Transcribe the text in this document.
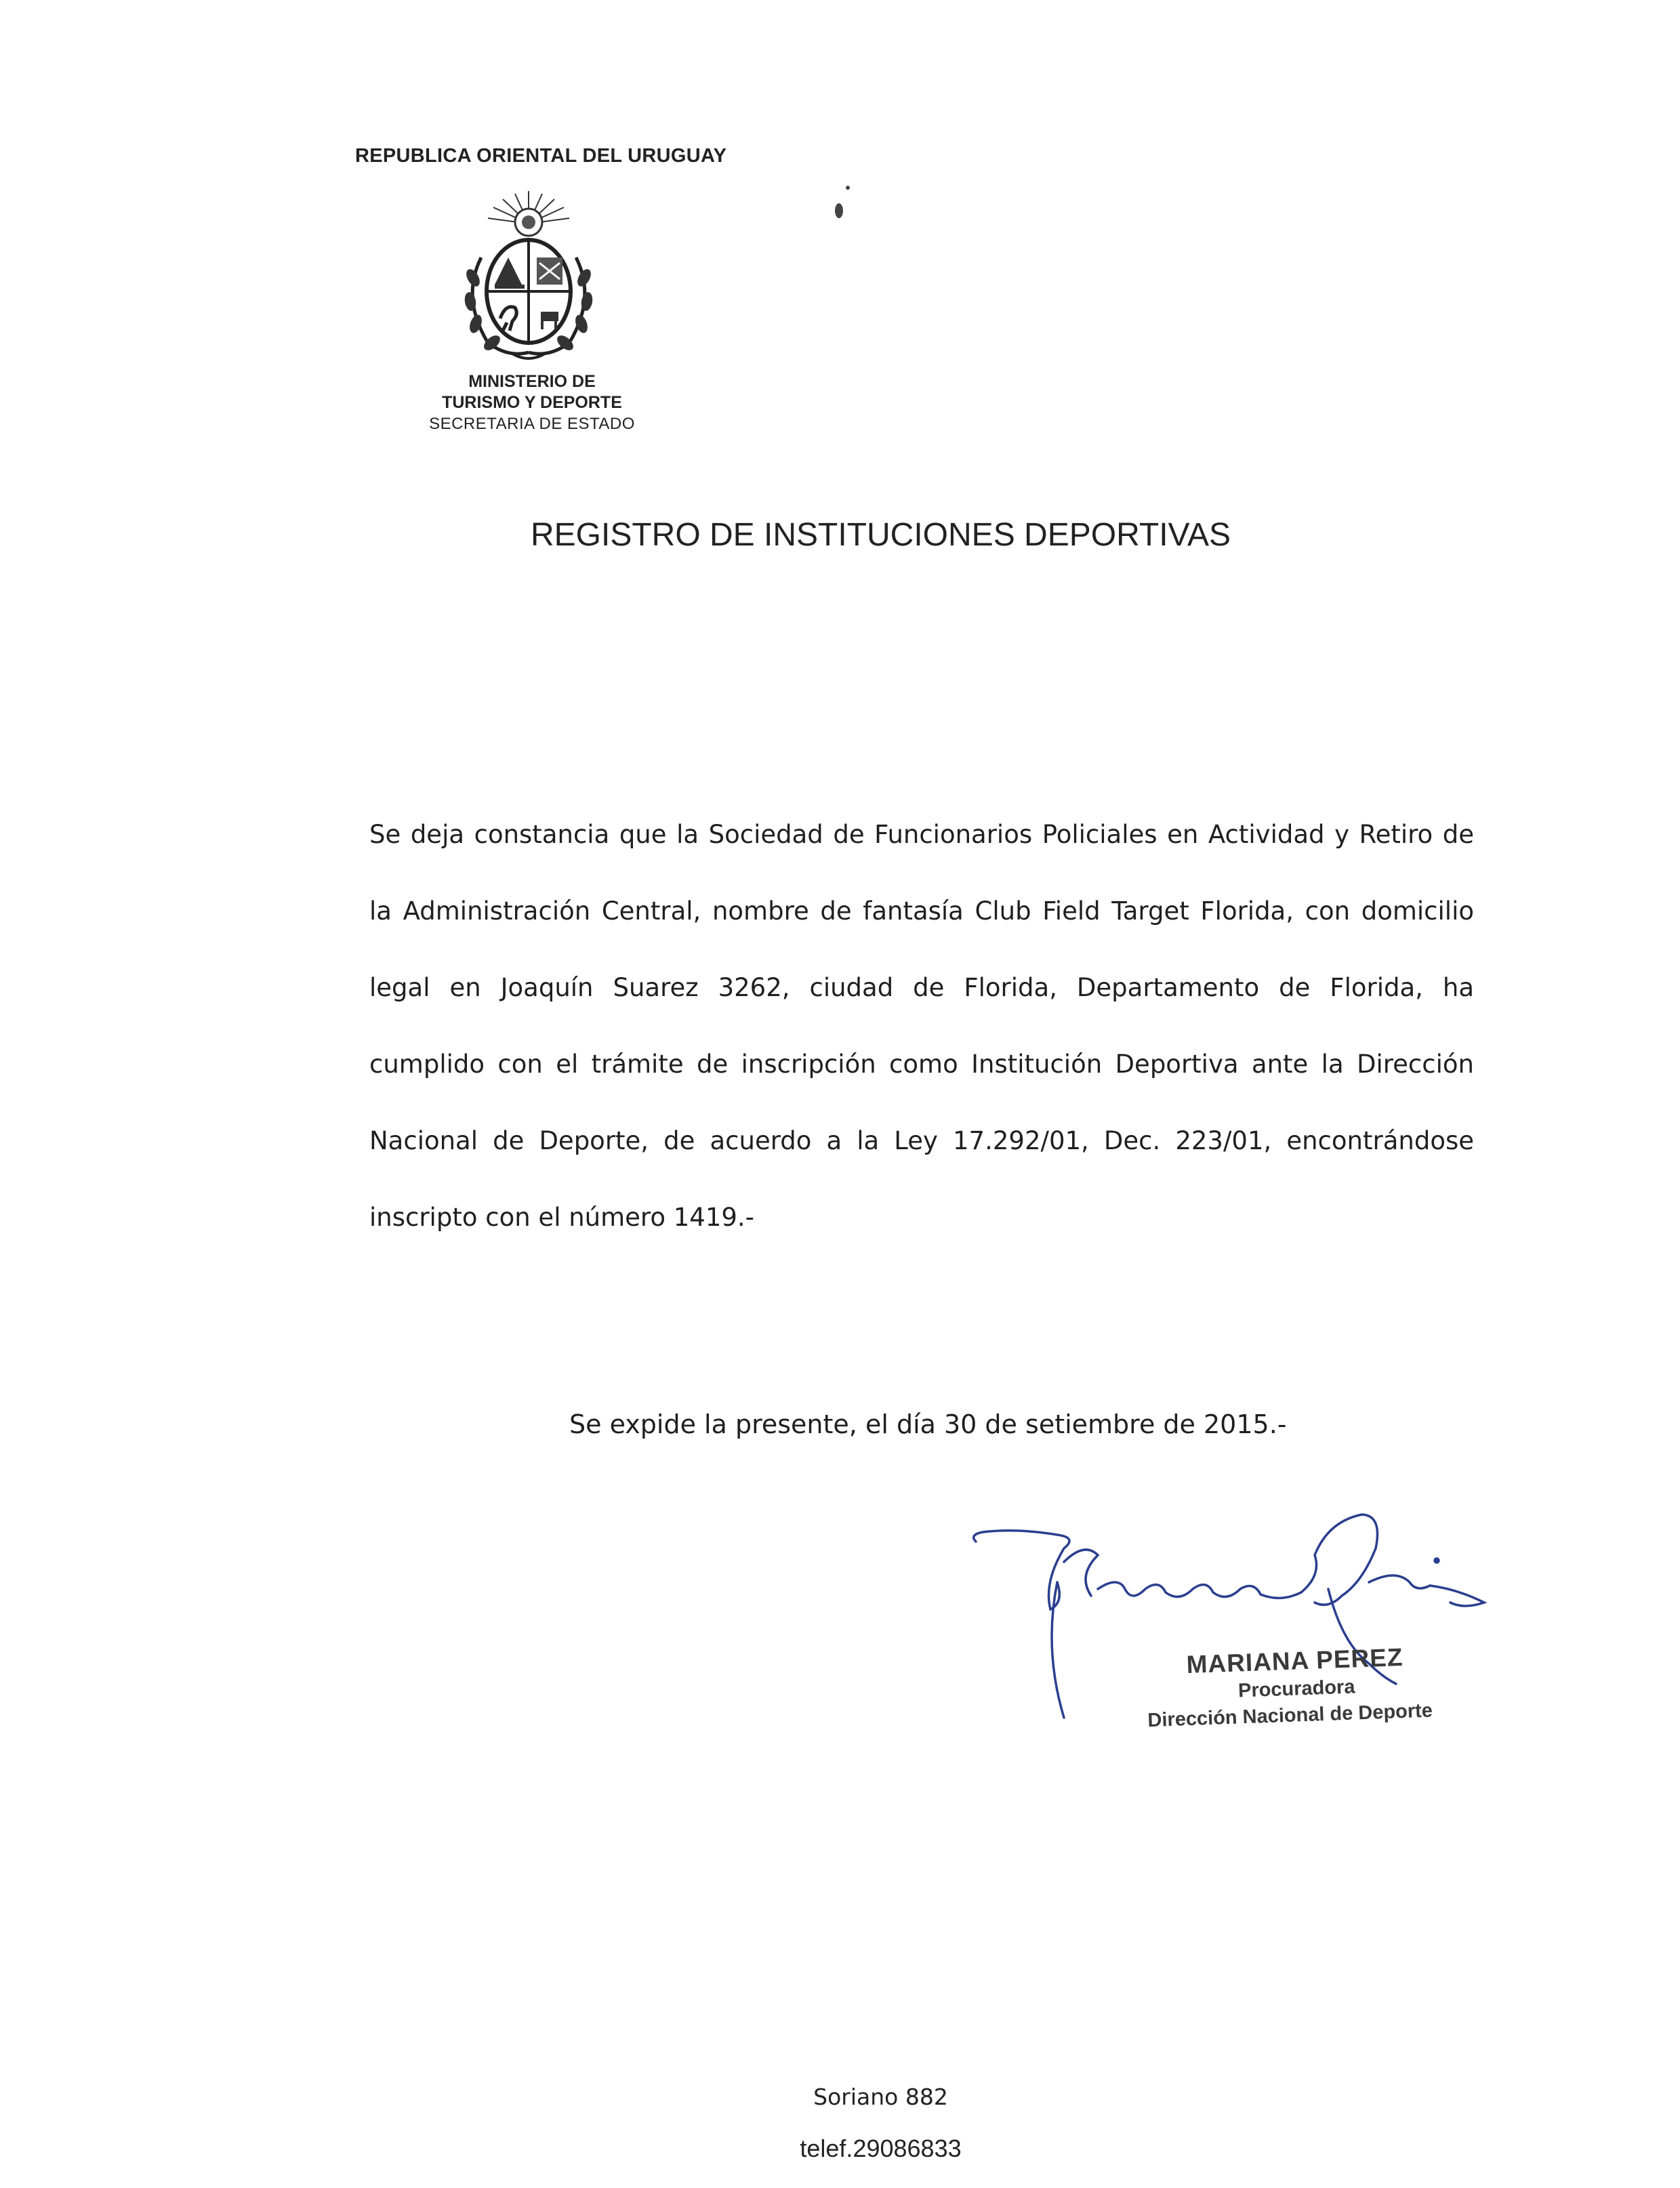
REPUBLICA ORIENTAL DEL URUGUAY
MINISTERIO DE
TURISMO Y DEPORTE
SECRETARIA DE ESTADO
REGISTRO DE INSTITUCIONES DEPORTIVAS
Se deja constancia que la Sociedad de Funcionarios Policiales en Actividad y Retiro de
la Administración Central, nombre de fantasía Club Field Target Florida, con domicilio
legal en Joaquín Suarez 3262, ciudad de Florida, Departamento de Florida, ha
cumplido con el trámite de inscripción como Institución Deportiva ante la Dirección
Nacional de Deporte, de acuerdo a la Ley 17.292/01, Dec. 223/01, encontrándose
inscripto con el número 1419.-
Se expide la presente, el día 30 de setiembre de 2015.-
MARIANA PEREZ
Procuradora
Dirección Nacional de Deporte
Soriano 882
telef.29086833
